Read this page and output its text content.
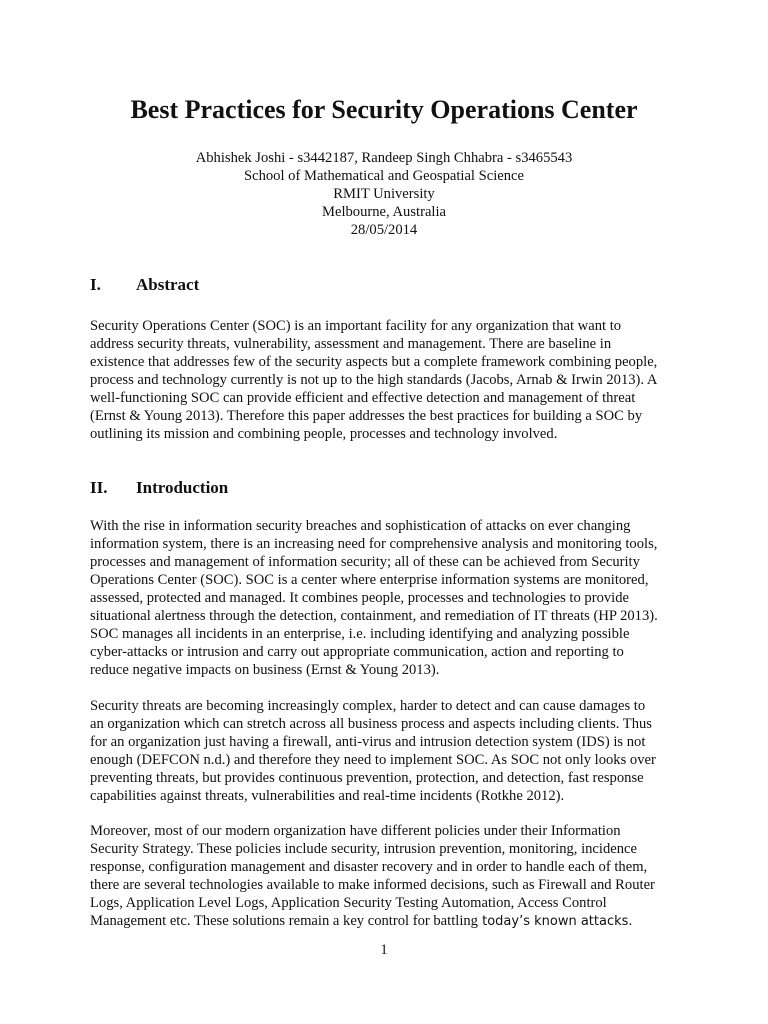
Best Practices for Security Operations Center
Abhishek Joshi - s3442187, Randeep Singh Chhabra - s3465543
School of Mathematical and Geospatial Science
RMIT University
Melbourne, Australia
28/05/2014
I. Abstract
Security Operations Center (SOC) is an important facility for any organization that want to
address security threats, vulnerability, assessment and management. There are baseline in
existence that addresses few of the security aspects but a complete framework combining people,
process and technology currently is not up to the high standards (Jacobs, Arnab & Irwin 2013). A
well-functioning SOC can provide efficient and effective detection and management of threat
(Ernst & Young 2013). Therefore this paper addresses the best practices for building a SOC by
outlining its mission and combining people, processes and technology involved.
II. Introduction
With the rise in information security breaches and sophistication of attacks on ever changing
information system, there is an increasing need for comprehensive analysis and monitoring tools,
processes and management of information security; all of these can be achieved from Security
Operations Center (SOC). SOC is a center where enterprise information systems are monitored,
assessed, protected and managed. It combines people, processes and technologies to provide
situational alertness through the detection, containment, and remediation of IT threats (HP 2013).
SOC manages all incidents in an enterprise, i.e. including identifying and analyzing possible
cyber-attacks or intrusion and carry out appropriate communication, action and reporting to
reduce negative impacts on business (Ernst & Young 2013).
Security threats are becoming increasingly complex, harder to detect and can cause damages to
an organization which can stretch across all business process and aspects including clients. Thus
for an organization just having a firewall, anti-virus and intrusion detection system (IDS) is not
enough (DEFCON n.d.) and therefore they need to implement SOC. As SOC not only looks over
preventing threats, but provides continuous prevention, protection, and detection, fast response
capabilities against threats, vulnerabilities and real-time incidents (Rotkhe 2012).
Moreover, most of our modern organization have different policies under their Information
Security Strategy. These policies include security, intrusion prevention, monitoring, incidence
response, configuration management and disaster recovery and in order to handle each of them,
there are several technologies available to make informed decisions, such as Firewall and Router
Logs, Application Level Logs, Application Security Testing Automation, Access Control
Management etc. These solutions remain a key control for battling today’s known attacks.
1
